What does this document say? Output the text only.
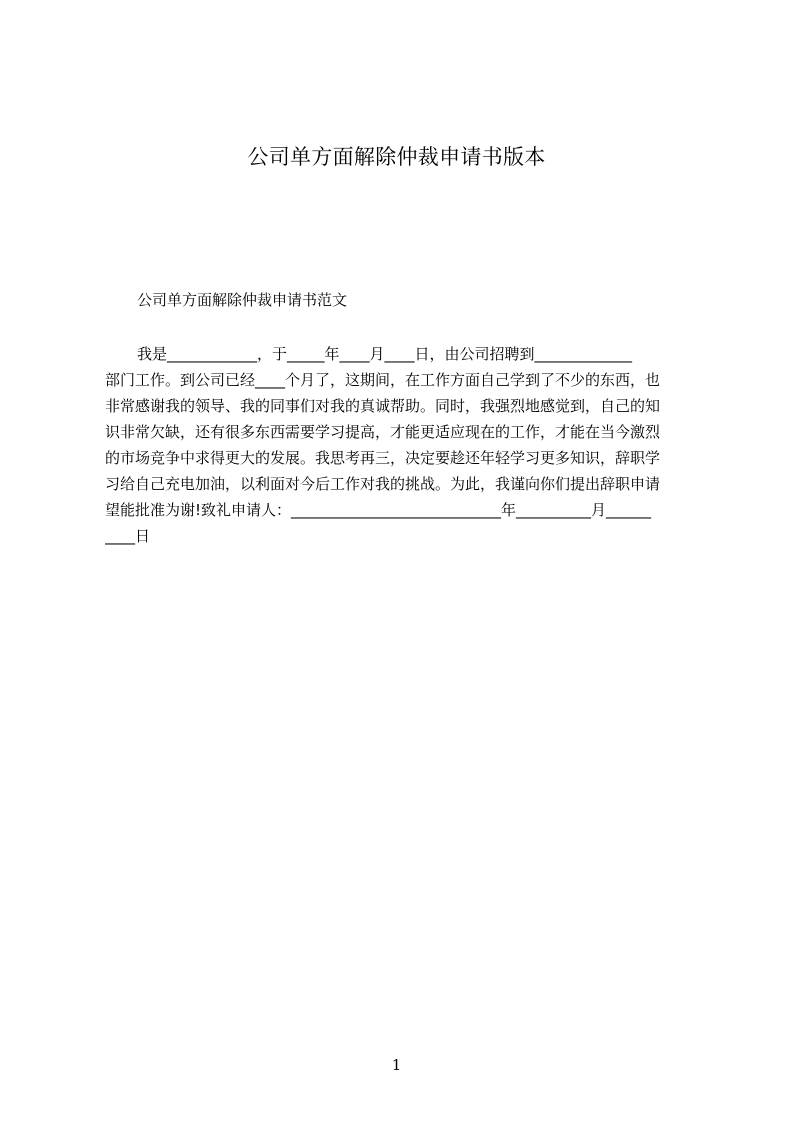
公司单方面解除仲裁申请书版本
公司单方面解除仲裁申请书范文
我是____________，于_____年____月____日，由公司招聘到_____________
部门工作。到公司已经____个月了，这期间，在工作方面自己学到了不少的东西，也
非常感谢我的领导、我的同事们对我的真诚帮助。同时，我强烈地感觉到，自己的知
识非常欠缺，还有很多东西需要学习提高，才能更适应现在的工作，才能在当今激烈
的市场竞争中求得更大的发展。我思考再三，决定要趁还年轻学习更多知识，辞职学
习给自己充电加油，以利面对今后工作对我的挑战。为此，我谨向你们提出辞职申请
望能批准为谢!致礼申请人：____________________________年__________月______
____日
1
